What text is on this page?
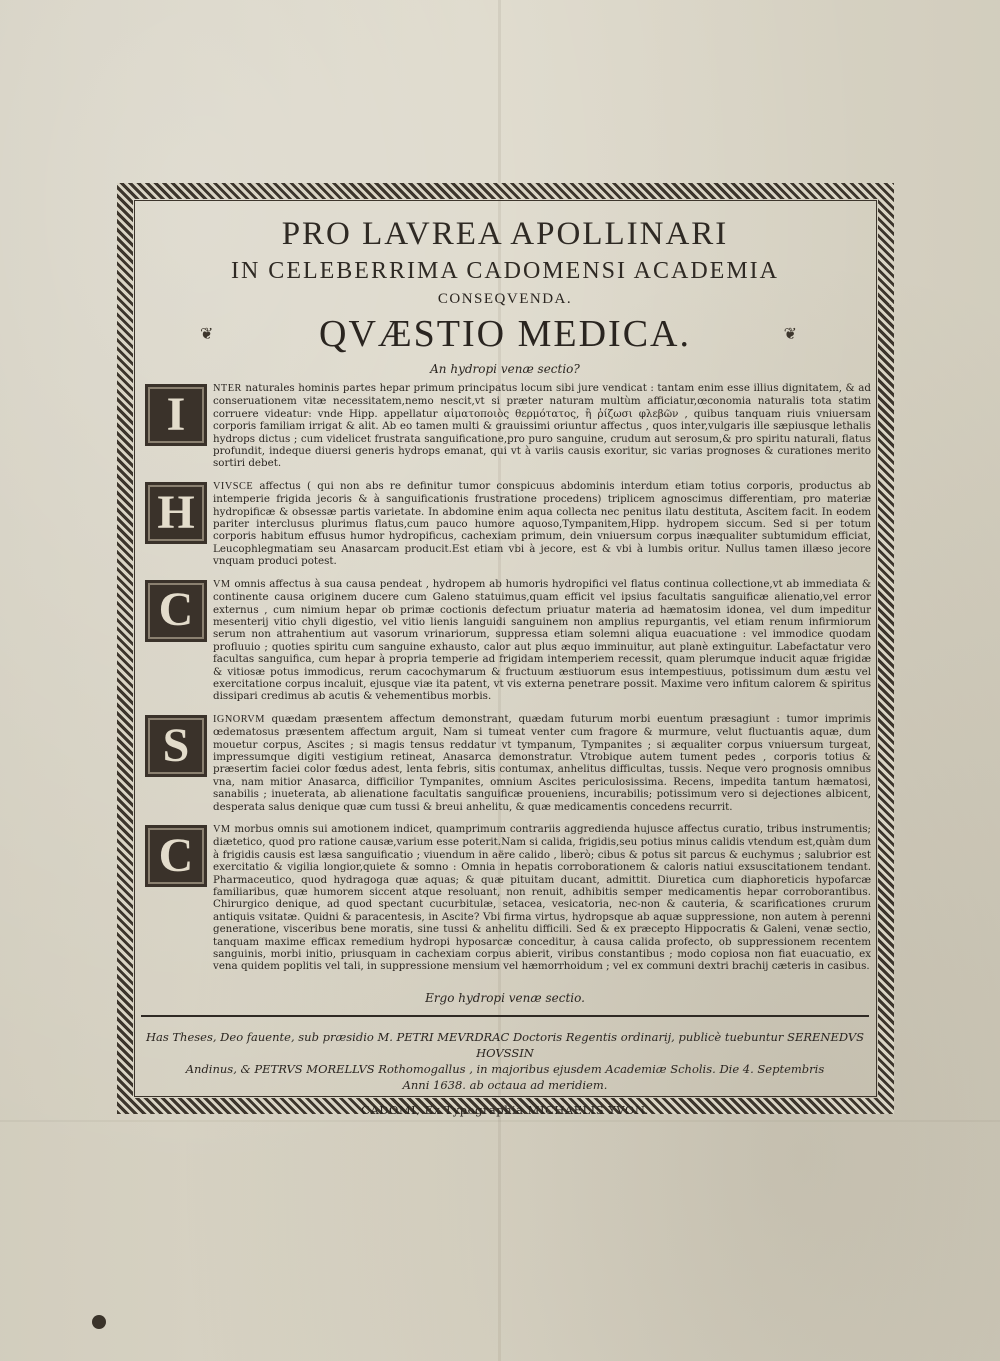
PRO LAVREA APOLLINARI
IN CELEBERRIMA CADOMENSI ACADEMIA
CONSEQVENDA.
❦	QVÆSTIO MEDICA.	❦
An hydropi venæ sectio?
I	NTER naturales hominis partes hepar primum principatus locum sibi jure vendicat : tantam enim esse illius dignitatem, & ad conseruationem vitæ necessitatem,nemo nescit,vt si præter naturam multùm afficiatur,œconomia naturalis tota statim corruere videatur: vnde Hipp. appellatur αἱματοποιὸς θερμότατος, ἢ ῥίζωσι φλεβῶν , quibus tanquam riuis vniuersam corporis familiam irrigat & alit. Ab eo tamen multi & grauissimi oriuntur affectus , quos inter,vulgaris ille sæpiusque lethalis hydrops dictus ; cum videlicet frustrata sanguificatione,pro puro sanguine, crudum aut serosum,& pro spiritu naturali, flatus profundit, indeque diuersi generis hydrops emanat, qui vt à variis causis exoritur, sic varias prognoses & curationes merito sortiri debet.
H	VIVSCE affectus ( qui non abs re definitur tumor conspicuus abdominis interdum etiam totius corporis, productus ab intemperie frigida jecoris & à sanguificationis frustratione procedens) triplicem agnoscimus differentiam, pro materiæ hydropificæ & obsessæ partis varietate. In abdomine enim aqua collecta nec penitus ilatu destituta, Ascitem facit. In eodem pariter interclusus plurimus flatus,cum pauco humore aquoso,Tympanitem,Hipp. hydropem siccum. Sed si per totum corporis habitum effusus humor hydropificus, cachexiam primum, dein vniuersum corpus inæqualiter subtumidum efficiat, Leucophlegmatiam seu Anasarcam producit.Est etiam vbi à jecore, est & vbi à lumbis oritur. Nullus tamen illæso jecore vnquam produci potest.
C	VM omnis affectus à sua causa pendeat , hydropem ab humoris hydropifici vel flatus continua collectione,vt ab immediata & continente causa originem ducere cum Galeno statuimus,quam efficit vel ipsius facultatis sanguificæ alienatio,vel error externus , cum nimium hepar ob primæ coctionis defectum priuatur materia ad hæmatosim idonea, vel dum impeditur mesenterij vitio chyli digestio, vel vitio lienis languidi sanguinem non amplius repurgantis, vel etiam renum infirmiorum serum non attrahentium aut vasorum vrinariorum, suppressa etiam solemni aliqua euacuatione : vel immodice quodam profluuio ; quoties spiritu cum sanguine exhausto, calor aut plus æquo imminuitur, aut planè extinguitur. Labefactatur vero facultas sanguifica, cum hepar à propria temperie ad frigidam intemperiem recessit, quam plerumque inducit aquæ frigidæ & vitiosæ potus immodicus, rerum cacochymarum & fructuum æstiuorum esus intempestiuus, potissimum dum æstu vel exercitatione corpus incaluit, ejusque viæ ita patent, vt vis externa penetrare possit. Maxime vero infitum calorem & spiritus dissipari credimus ab acutis & vehementibus morbis.
S	IGNORVM quædam præsentem affectum demonstrant, quædam futurum morbi euentum præsagiunt : tumor imprimis œdematosus præsentem affectum arguit, Nam si tumeat venter cum fragore & murmure, velut fluctuantis aquæ, dum mouetur corpus, Ascites ; si magis tensus reddatur vt tympanum, Tympanites ; si æqualiter corpus vniuersum turgeat, impressumque digiti vestigium retineat, Anasarca demonstratur. Vtrobique autem tument pedes , corporis totius & præsertim faciei color fœdus adest, lenta febris, sitis contumax, anhelitus difficultas, tussis. Neque vero prognosis omnibus vna, nam mitior Anasarca, difficilior Tympanites, omnium Ascites periculosissima. Recens, impedita tantum hæmatosi, sanabilis ; inueterata, ab alienatione facultatis sanguificæ proueniens, incurabilis; potissimum vero si dejectiones albicent, desperata salus denique quæ cum tussi & breui anhelitu, & quæ medicamentis concedens recurrit.
C	VM morbus omnis sui amotionem indicet, quamprimum contrariis aggredienda hujusce affectus curatio, tribus instrumentis; diætetico, quod pro ratione causæ,varium esse poterit.Nam si calida, frigidis,seu potius minus calidis vtendum est,quàm dum à frigidis causis est læsa sanguificatio ; viuendum in aëre calido , liberò; cibus & potus sit parcus & euchymus ; salubrior est exercitatio & vigilia longior,quiete & somno : Omnia in hepatis corroborationem & caloris natiui exsuscitationem tendant. Pharmaceutico, quod hydragoga quæ aquas; & quæ pituitam ducant, admittit. Diuretica cum diaphoreticis hypofarcæ familiaribus, quæ humorem siccent atque resoluant, non renuit, adhibitis semper medicamentis hepar corroborantibus. Chirurgico denique, ad quod spectant cucurbitulæ, setacea, vesicatoria, nec-non & cauteria, & scarificationes crurum antiquis vsitatæ. Quidni & paracentesis, in Ascite? Vbi firma virtus, hydropsque ab aquæ suppressione, non autem à perenni generatione, visceribus bene moratis, sine tussi & anhelitu difficili. Sed & ex præcepto Hippocratis & Galeni, venæ sectio, tanquam maxime efficax remedium hydropi hyposarcæ conceditur, à causa calida profecto, ob suppressionem recentem sanguinis, morbi initio, priusquam in cachexiam corpus abierit, viribus constantibus ; modo copiosa non fiat euacuatio, ex vena quidem poplitis vel tali, in suppressione mensium vel hæmorrhoidum ; vel ex communi dextri brachij cæteris in casibus.
Ergo hydropi venæ sectio.
Has Theses, Deo fauente, sub præsidio M. PETRI MEVRDRAC Doctoris Regentis ordinarij, publicè tuebuntur SERENEDVS HOVSSIN
Andinus, & PETRVS MORELLVS Rothomogallus , in majoribus ejusdem Academiæ Scholis. Die 4. Septembris
Anni 1638. ab octaua ad meridiem.
CADOMI, Ex Typographia MICHAELIS YVON.
